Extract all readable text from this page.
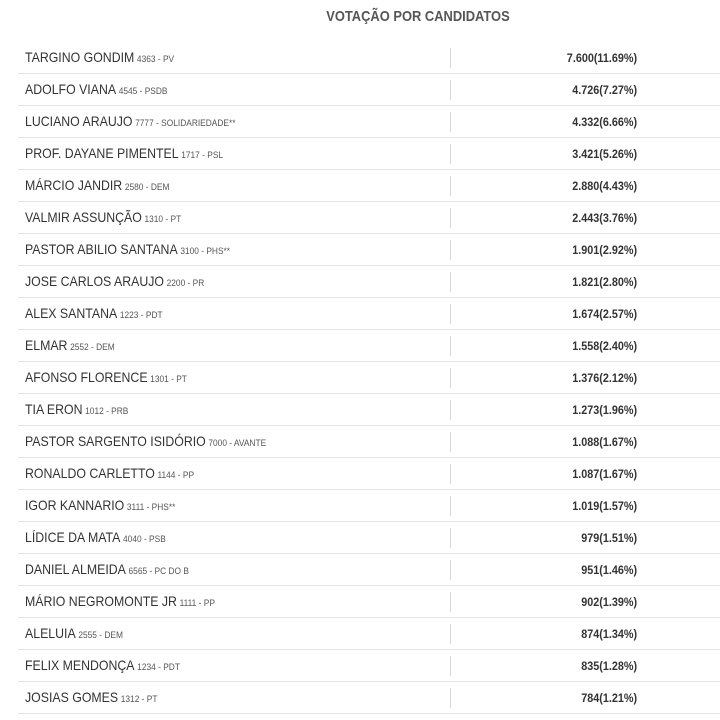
VOTAÇÃO POR CANDIDATOS
TARGINO GONDIM 4363 - PV	7.600(11.69%)
ADOLFO VIANA 4545 - PSDB	4.726(7.27%)
LUCIANO ARAUJO 7777 - SOLIDARIEDADE**	4.332(6.66%)
PROF. DAYANE PIMENTEL 1717 - PSL	3.421(5.26%)
MÁRCIO JANDIR 2580 - DEM	2.880(4.43%)
VALMIR ASSUNÇÃO 1310 - PT	2.443(3.76%)
PASTOR ABILIO SANTANA 3100 - PHS**	1.901(2.92%)
JOSE CARLOS ARAUJO 2200 - PR	1.821(2.80%)
ALEX SANTANA 1223 - PDT	1.674(2.57%)
ELMAR 2552 - DEM	1.558(2.40%)
AFONSO FLORENCE 1301 - PT	1.376(2.12%)
TIA ERON 1012 - PRB	1.273(1.96%)
PASTOR SARGENTO ISIDÓRIO 7000 - AVANTE	1.088(1.67%)
RONALDO CARLETTO 1144 - PP	1.087(1.67%)
IGOR KANNARIO 3111 - PHS**	1.019(1.57%)
LÍDICE DA MATA 4040 - PSB	979(1.51%)
DANIEL ALMEIDA 6565 - PC DO B	951(1.46%)
MÁRIO NEGROMONTE JR 1111 - PP	902(1.39%)
ALELUIA 2555 - DEM	874(1.34%)
FELIX MENDONÇA 1234 - PDT	835(1.28%)
JOSIAS GOMES 1312 - PT	784(1.21%)
